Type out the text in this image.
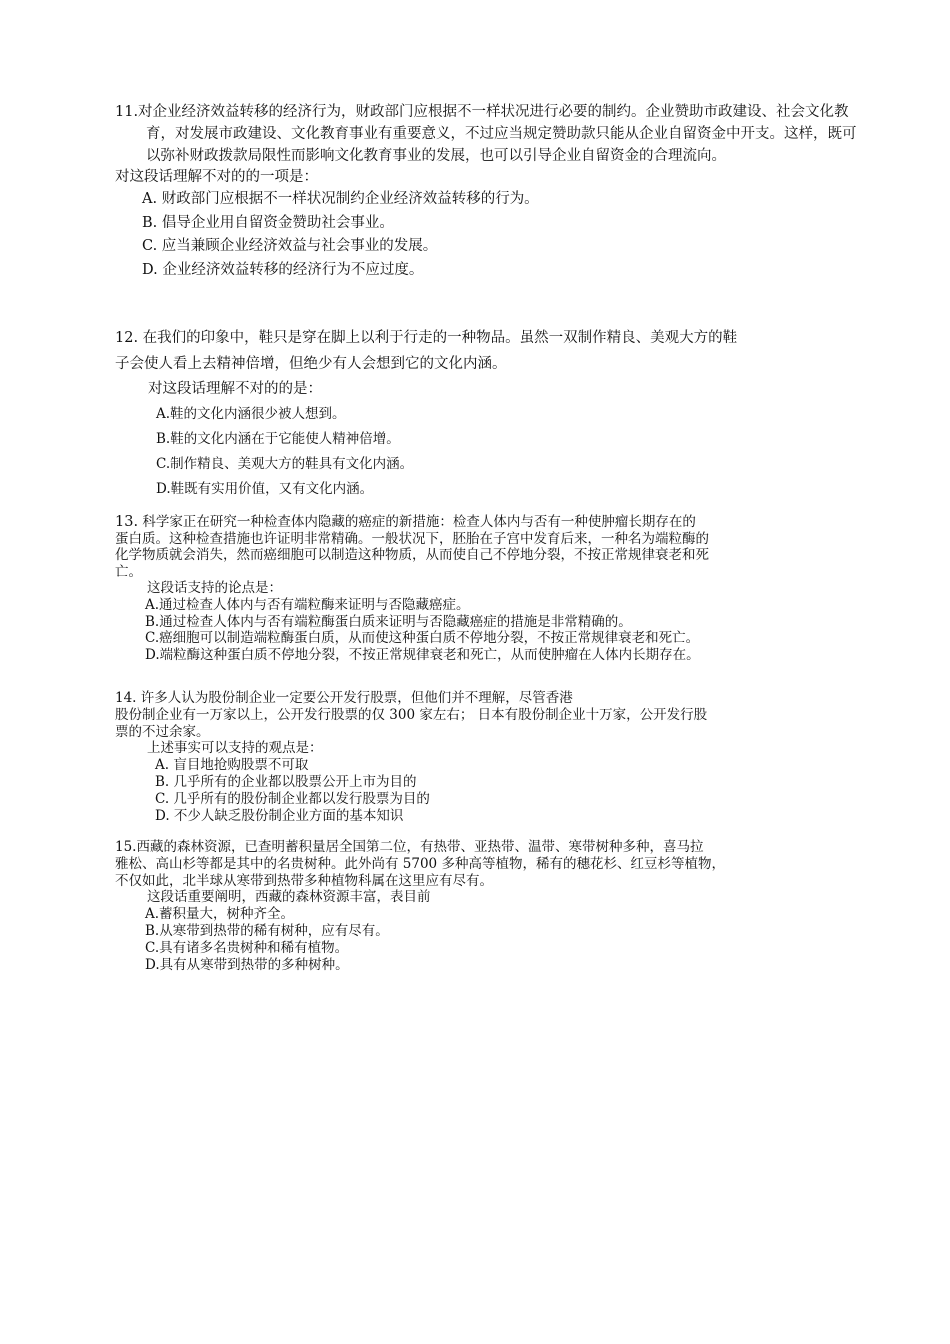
11.对企业经济效益转移的经济行为，财政部门应根据不一样状况进行必要的制约。企业赞助市政建设、社会文化教育，对发展市政建设、文化教育事业有重要意义，不过应当规定赞助款只能从企业自留资金中开支。这样，既可以弥补财政拨款局限性而影响文化教育事业的发展，也可以引导企业自留资金的合理流向。
对这段话理解不对的的一项是：
A. 财政部门应根据不一样状况制约企业经济效益转移的行为。
B. 倡导企业用自留资金赞助社会事业。
C. 应当兼顾企业经济效益与社会事业的发展。
D. 企业经济效益转移的经济行为不应过度。
12. 在我们的印象中，鞋只是穿在脚上以利于行走的一种物品。虽然一双制作精良、美观大方的鞋
子会使人看上去精神倍增，但绝少有人会想到它的文化内涵。
对这段话理解不对的的是：
A.鞋的文化内涵很少被人想到。
B.鞋的文化内涵在于它能使人精神倍增。
C.制作精良、美观大方的鞋具有文化内涵。
D.鞋既有实用价值，又有文化内涵。
13. 科学家正在研究一种检查体内隐藏的癌症的新措施：检查人体内与否有一种使肿瘤长期存在的
蛋白质。这种检查措施也许证明非常精确。一般状况下，胚胎在子宫中发育后来，一种名为端粒酶的
化学物质就会消失，然而癌细胞可以制造这种物质，从而使自己不停地分裂，不按正常规律衰老和死
亡。
这段话支持的论点是：
A.通过检查人体内与否有端粒酶来证明与否隐藏癌症。
B.通过检查人体内与否有端粒酶蛋白质来证明与否隐藏癌症的措施是非常精确的。
C.癌细胞可以制造端粒酶蛋白质，从而使这种蛋白质不停地分裂，不按正常规律衰老和死亡。
D.端粒酶这种蛋白质不停地分裂，不按正常规律衰老和死亡，从而使肿瘤在人体内长期存在。
14. 许多人认为股份制企业一定要公开发行股票，但他们并不理解，尽管香港
股份制企业有一万家以上，公开发行股票的仅 300 家左右； 日本有股份制企业十万家，公开发行股
票的不过余家。
上述事实可以支持的观点是：
A. 盲目地抢购股票不可取
B. 几乎所有的企业都以股票公开上市为目的
C. 几乎所有的股份制企业都以发行股票为目的
D. 不少人缺乏股份制企业方面的基本知识
15.西藏的森林资源，已查明蓄积量居全国第二位，有热带、亚热带、温带、寒带树种多种，喜马拉
雅松、高山杉等都是其中的名贵树种。此外尚有 5700 多种高等植物，稀有的穗花杉、红豆杉等植物，
不仅如此，北半球从寒带到热带多种植物科属在这里应有尽有。
这段话重要阐明，西藏的森林资源丰富，表目前
A.蓄积量大，树种齐全。
B.从寒带到热带的稀有树种，应有尽有。
C.具有诸多名贵树种和稀有植物。
D.具有从寒带到热带的多种树种。
